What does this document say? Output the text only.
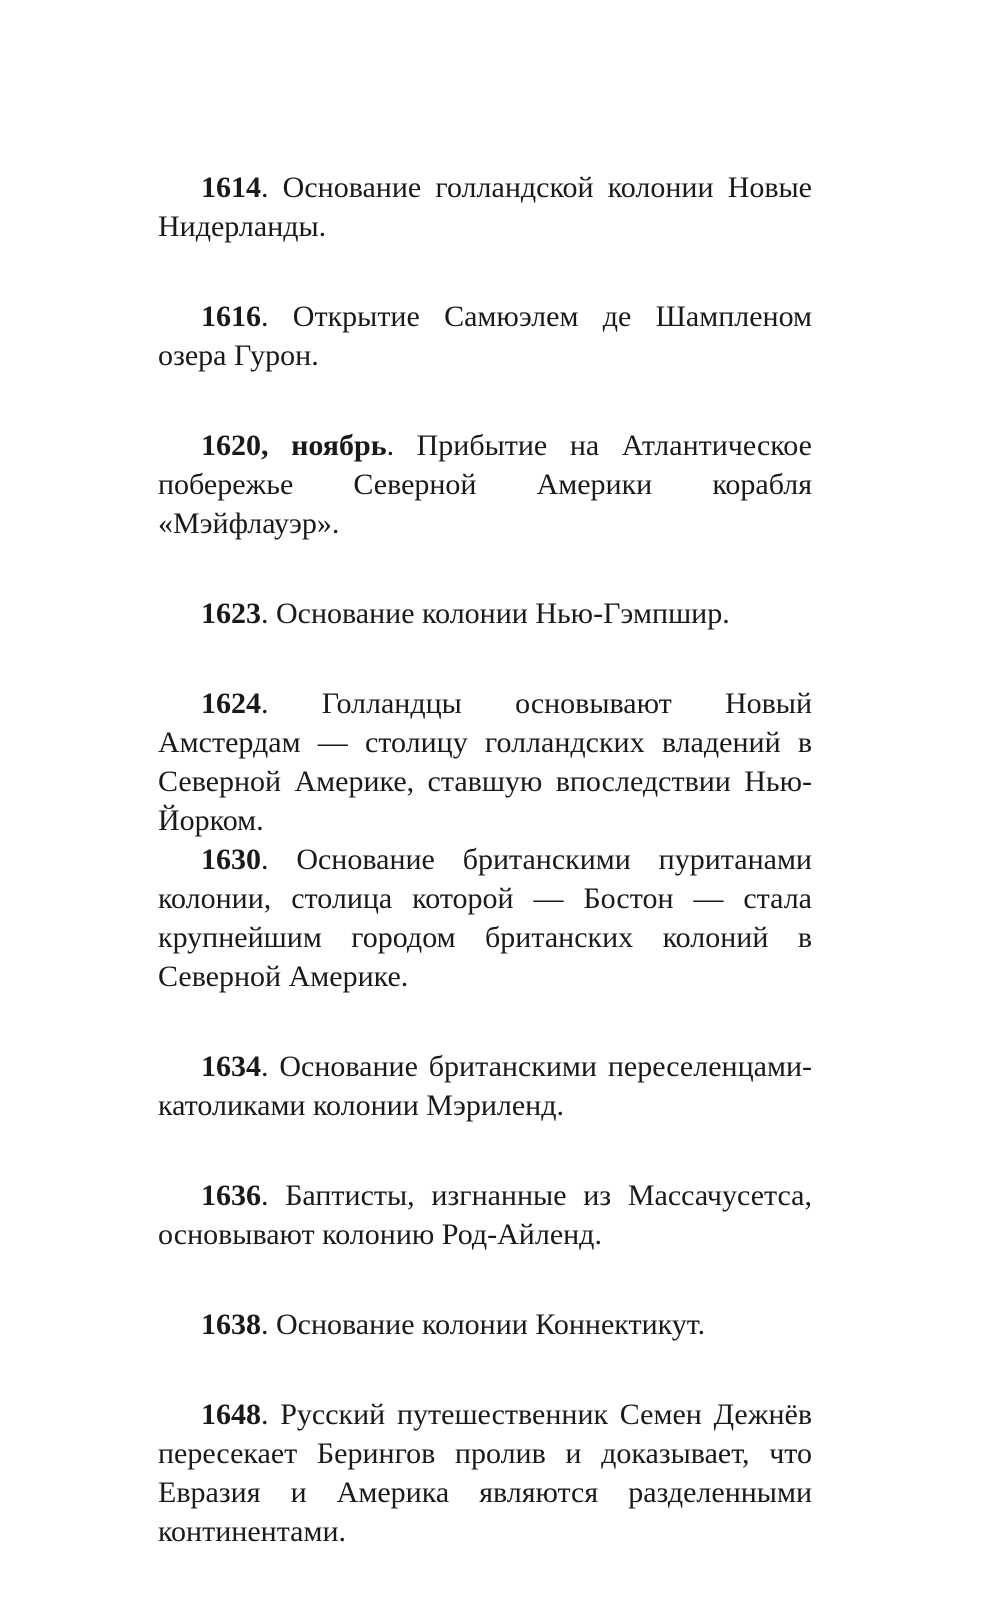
1614. Основание голландской колонии Новые Нидерланды.

1616. Открытие Самюэлем де Шампленом озера Гурон.

1620, ноябрь. Прибытие на Атлантическое побережье Северной Америки корабля «Мэйфлауэр».

1623. Основание колонии Нью-Гэмпшир.

1624. Голландцы основывают Новый Амстердам — столицу голландских владений в Северной Америке, ставшую впоследствии Нью-Йорком.

1630. Основание британскими пуританами колонии, столица которой — Бостон — стала крупнейшим городом британских колоний в Северной Америке.

1634. Основание британскими переселенцами-католиками колонии Мэриленд.

1636. Баптисты, изгнанные из Массачусетса, основывают колонию Род-Айленд.

1638. Основание колонии Коннектикут.

1648. Русский путешественник Семен Дежнёв пересекает Берингов пролив и доказывает, что Евразия и Америка являются разделенными континентами.
